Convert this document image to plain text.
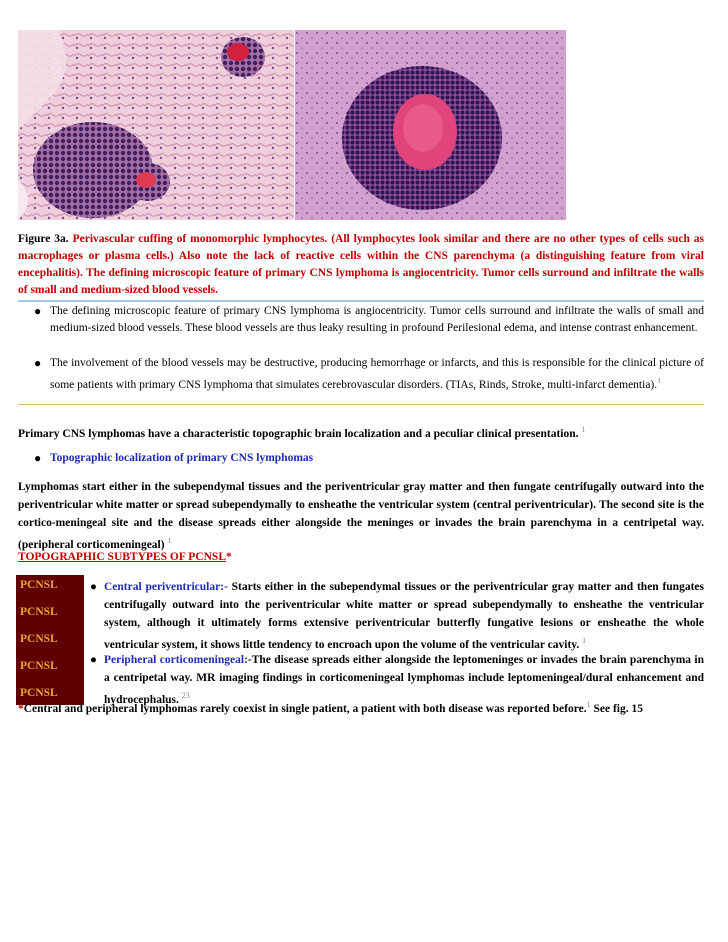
Figure 3a. Perivascular cuffing of monomorphic lymphocytes. (All lymphocytes look similar and there are no other types of cells such as macrophages or plasma cells.) Also note the lack of reactive cells within the CNS parenchyma (a distinguishing feature from viral encephalitis). The defining microscopic feature of primary CNS lymphoma is angiocentricity. Tumor cells surround and infiltrate the walls of small and medium-sized blood vessels.
● The defining microscopic feature of primary CNS lymphoma is angiocentricity. Tumor cells surround and infiltrate the walls of small and medium-sized blood vessels. These blood vessels are thus leaky resulting in profound Perilesional edema, and intense contrast enhancement.
● The involvement of the blood vessels may be destructive, producing hemorrhage or infarcts, and this is responsible for the clinical picture of some patients with primary CNS lymphoma that simulates cerebrovascular disorders. (TIAs, Rinds, Stroke, multi-infarct dementia).$^1$
Primary CNS lymphomas have a characteristic topographic brain localization and a peculiar clinical presentation. $^1$
● Topographic localization of primary CNS lymphomas
Lymphomas start either in the subependymal tissues and the periventricular gray matter and then fungate centrifugally outward into the periventricular white matter or spread subependymally to ensheathe the ventricular system (central periventricular). The second site is the cortico-meningeal site and the disease spreads either alongside the meninges or invades the brain parenchyma in a centripetal way. (peripheral corticomeningeal) $^1$
TOPOGRAPHIC SUBTYPES OF PCNSL*
PCNSL
PCNSL
PCNSL
PCNSL
PCNSL
● Central periventricular:- Starts either in the subependymal tissues or the periventricular gray matter and then fungates centrifugally outward into the periventricular white matter or spread subependymally to ensheathe the ventricular system, although it ultimately forms extensive periventricular butterfly fungative lesions or ensheathe the whole ventricular system, it shows little tendency to encroach upon the volume of the ventricular cavity. $^1$
● Peripheral corticomeningeal:-The disease spreads either alongside the leptomeninges or invades the brain parenchyma in a centripetal way. MR imaging findings in corticomeningeal lymphomas include leptomeningeal/dural enhancement and hydrocephalus. $^{23}$
*Central and peripheral lymphomas rarely coexist in single patient, a patient with both disease was reported before.$^1$ See fig. 15
